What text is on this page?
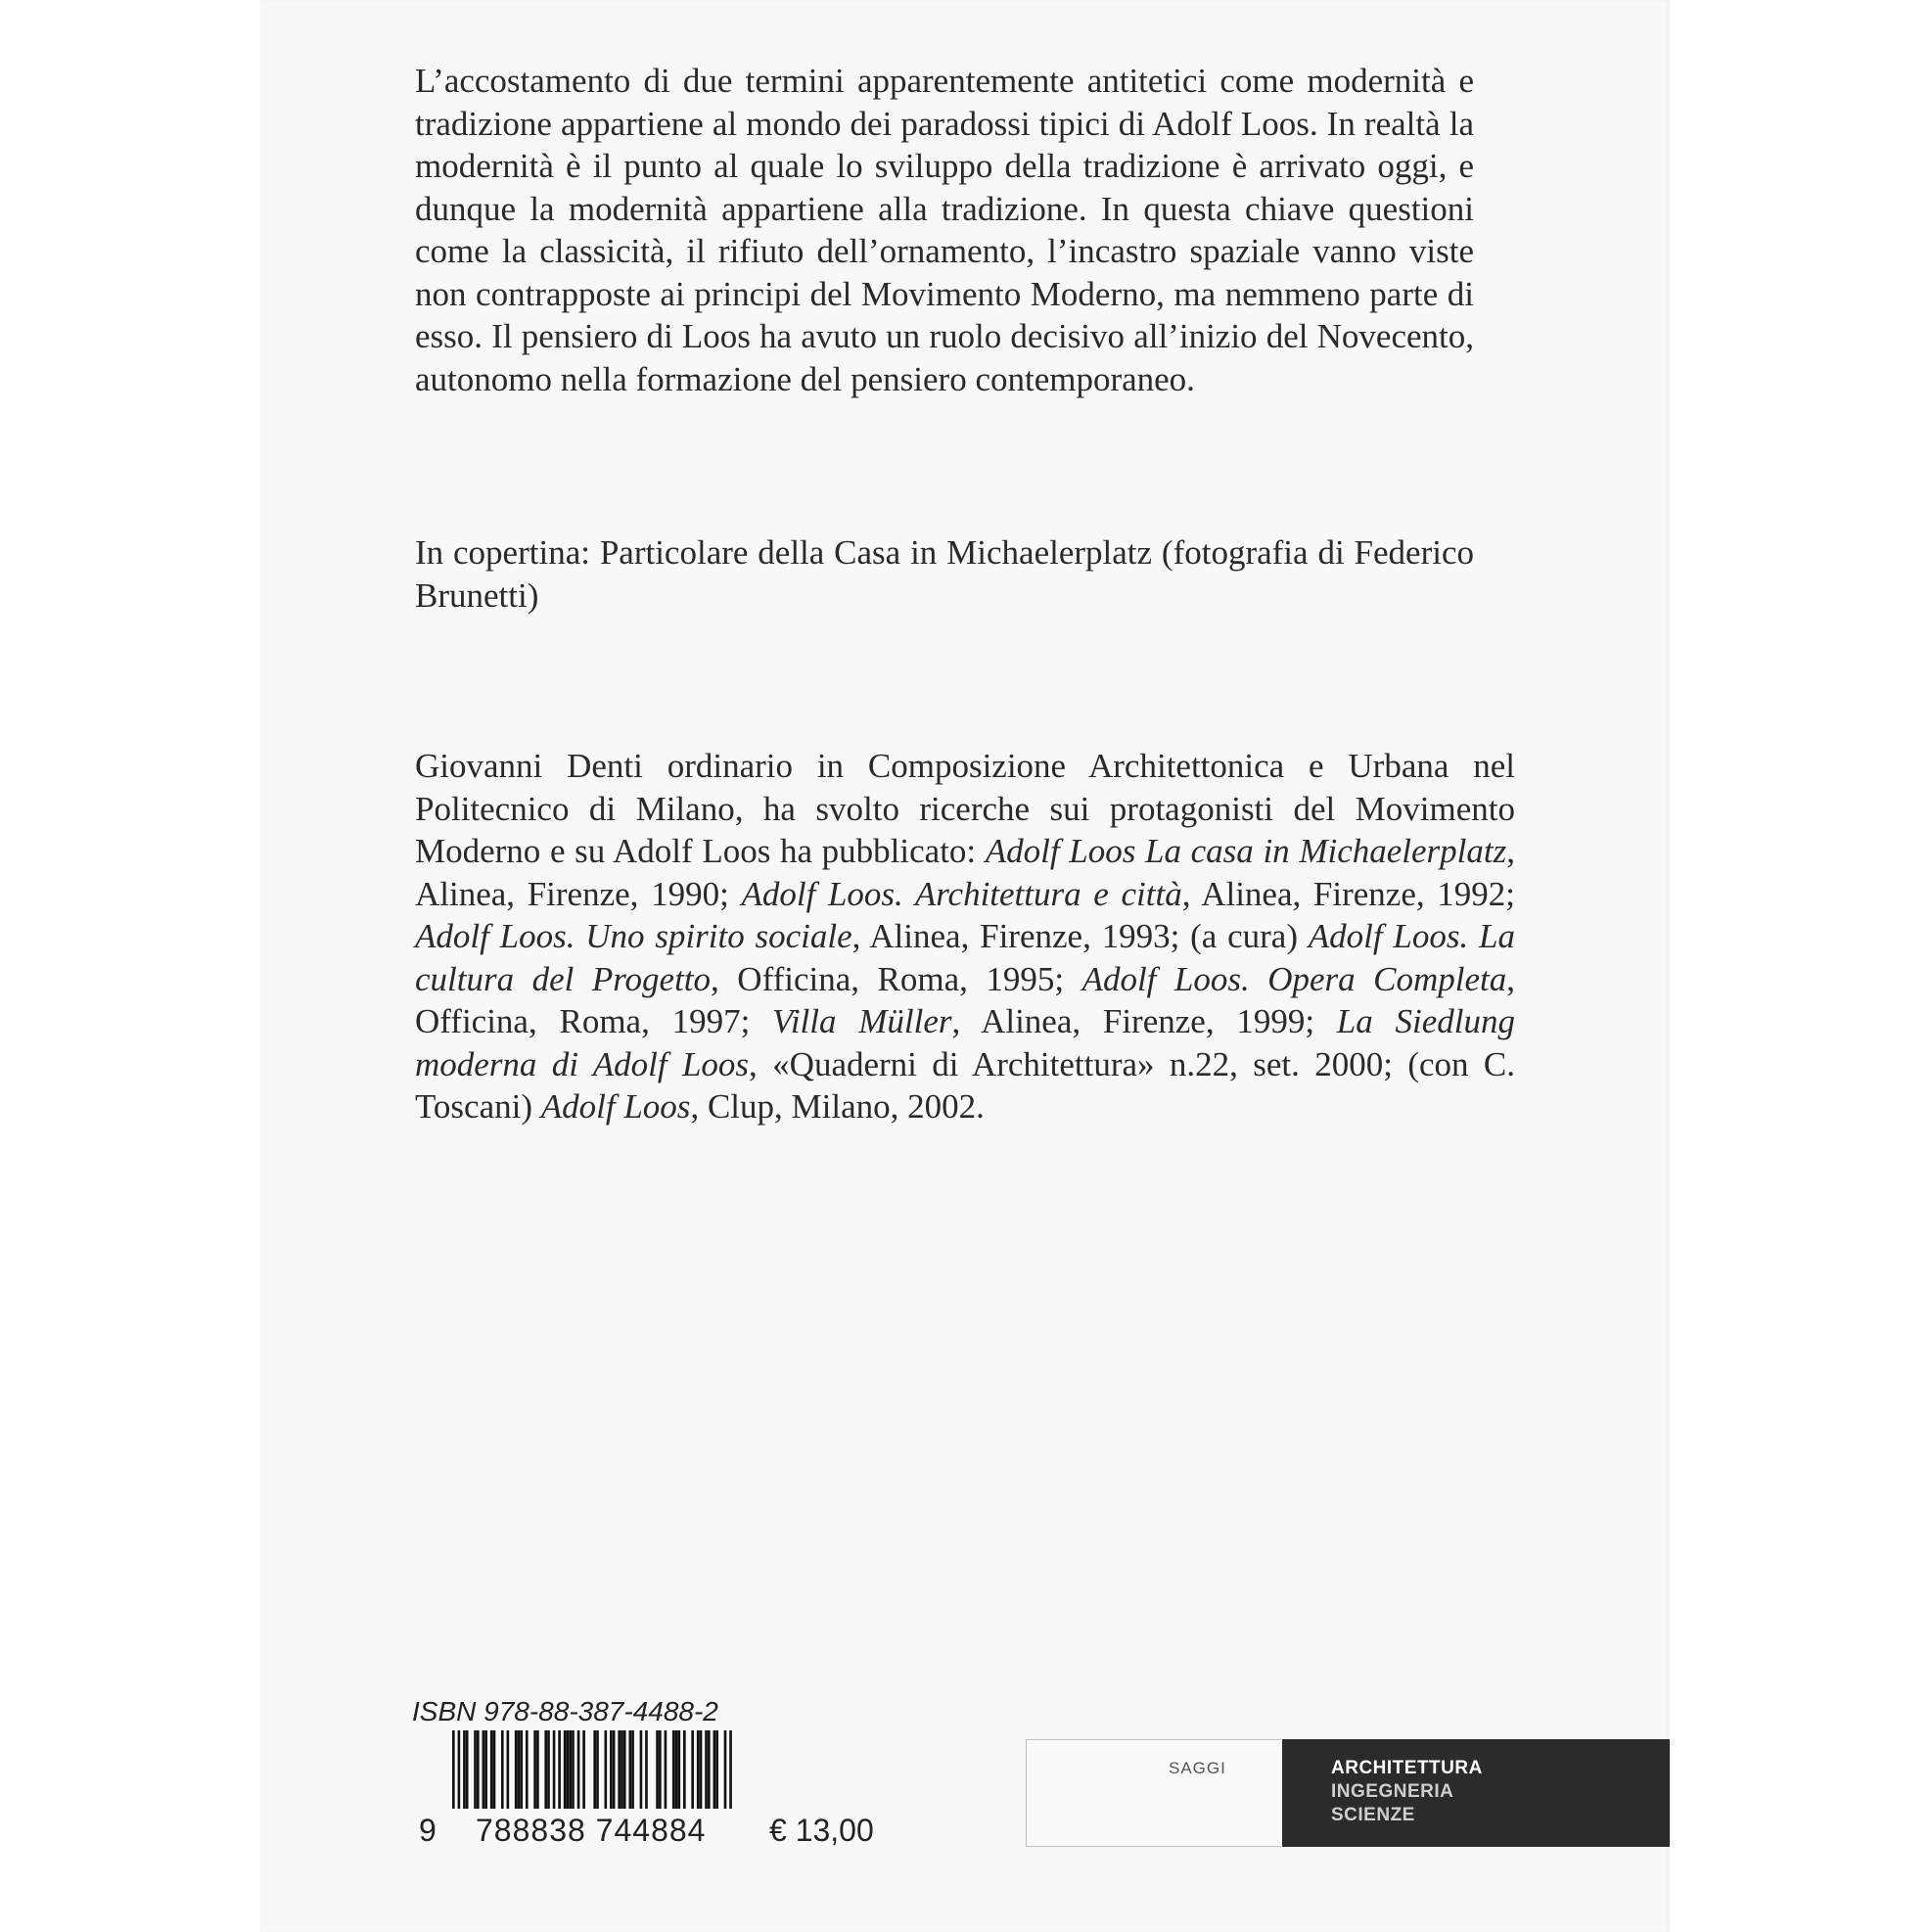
L’accostamento di due termini apparentemente antitetici come modernità e tradizione appartiene al mondo dei paradossi tipici di Adolf Loos. In realtà la modernità è il punto al quale lo sviluppo della tradizione è arrivato oggi, e dunque la modernità appartiene alla tradizione. In questa chiave questioni come la classicità, il rifiuto dell’ornamento, l’incastro spaziale vanno viste non contrapposte ai principi del Movimento Moderno, ma nemmeno parte di esso. Il pensiero di Loos ha avuto un ruolo decisivo all’inizio del Novecento, autonomo nella formazione del pensiero contemporaneo.

In copertina: Particolare della Casa in Michaelerplatz (fotografia di Federico Brunetti)

Giovanni Denti ordinario in Composizione Architettonica e Urbana nel Politecnico di Milano, ha svolto ricerche sui protagonisti del Movimento Moderno e su Adolf Loos ha pubblicato: Adolf Loos La casa in Michaelerplatz, Alinea, Firenze, 1990; Adolf Loos. Architettura e città, Alinea, Firenze, 1992; Adolf Loos. Uno spirito sociale, Alinea, Firenze, 1993; (a cura) Adolf Loos. La cultura del Progetto, Officina, Roma, 1995; Adolf Loos. Opera Completa, Officina, Roma, 1997; Villa Müller, Alinea, Firenze, 1999; La Siedlung moderna di Adolf Loos, «Quaderni di Architettura» n.22, set. 2000; (con C. Toscani) Adolf Loos, Clup, Milano, 2002.

ISBN 978-88-387-4488-2
9 788838 744884 € 13,00
SAGGI	ARCHITETTURA
INGEGNERIA
SCIENZE
